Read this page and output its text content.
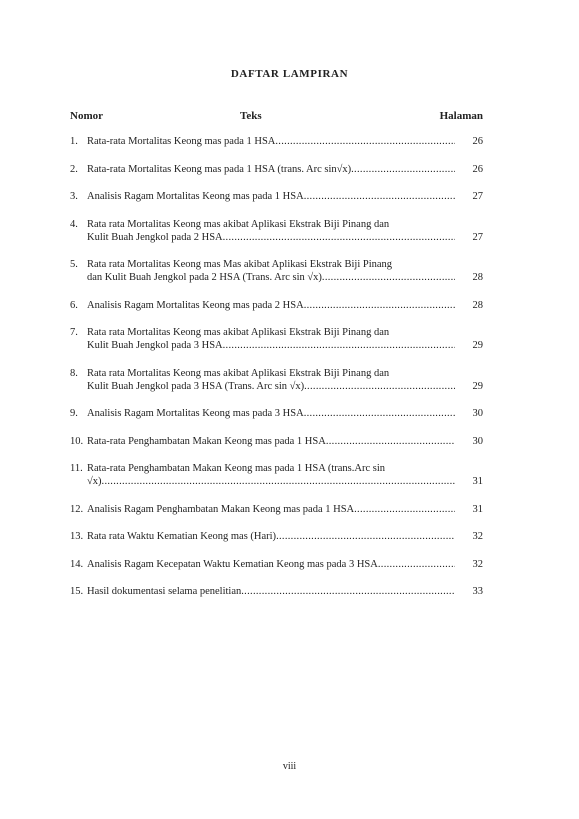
DAFTAR LAMPIRAN
Nomor	Teks	Halaman
1. Rata-rata Mortalitas Keong mas pada 1 HSA .....	26
2. Rata-rata Mortalitas Keong mas pada 1 HSA (trans. Arc sin√x) .....	26
3. Analisis Ragam Mortalitas Keong mas pada 1 HSA .....	27
4. Rata rata Mortalitas Keong mas akibat Aplikasi Ekstrak Biji Pinang dan
Kulit Buah Jengkol pada 2 HSA .....	27
5. Rata rata Mortalitas Keong mas Mas akibat Aplikasi Ekstrak Biji Pinang
dan Kulit Buah Jengkol pada 2 HSA (Trans. Arc sin √x) .....	28
6. Analisis Ragam Mortalitas Keong mas pada 2 HSA .....	28
7. Rata rata Mortalitas Keong mas akibat Aplikasi Ekstrak Biji Pinang dan
Kulit Buah Jengkol pada 3 HSA .....	29
8. Rata rata Mortalitas Keong mas akibat Aplikasi Ekstrak Biji Pinang dan
Kulit Buah Jengkol pada 3 HSA (Trans. Arc sin √x) .....	29
9. Analisis Ragam Mortalitas Keong mas pada 3 HSA .....	30
10. Rata-rata Penghambatan Makan Keong mas pada 1 HSA .....	30
11. Rata-rata Penghambatan Makan Keong mas pada 1 HSA (trans.Arc sin
√x) .....	31
12. Analisis Ragam Penghambatan Makan Keong mas pada 1 HSA .....	31
13. Rata rata Waktu Kematian Keong mas (Hari) .....	32
14. Analisis Ragam Kecepatan Waktu Kematian Keong mas pada 3 HSA .....	32
15. Hasil dokumentasi selama penelitian .....	33
viii
